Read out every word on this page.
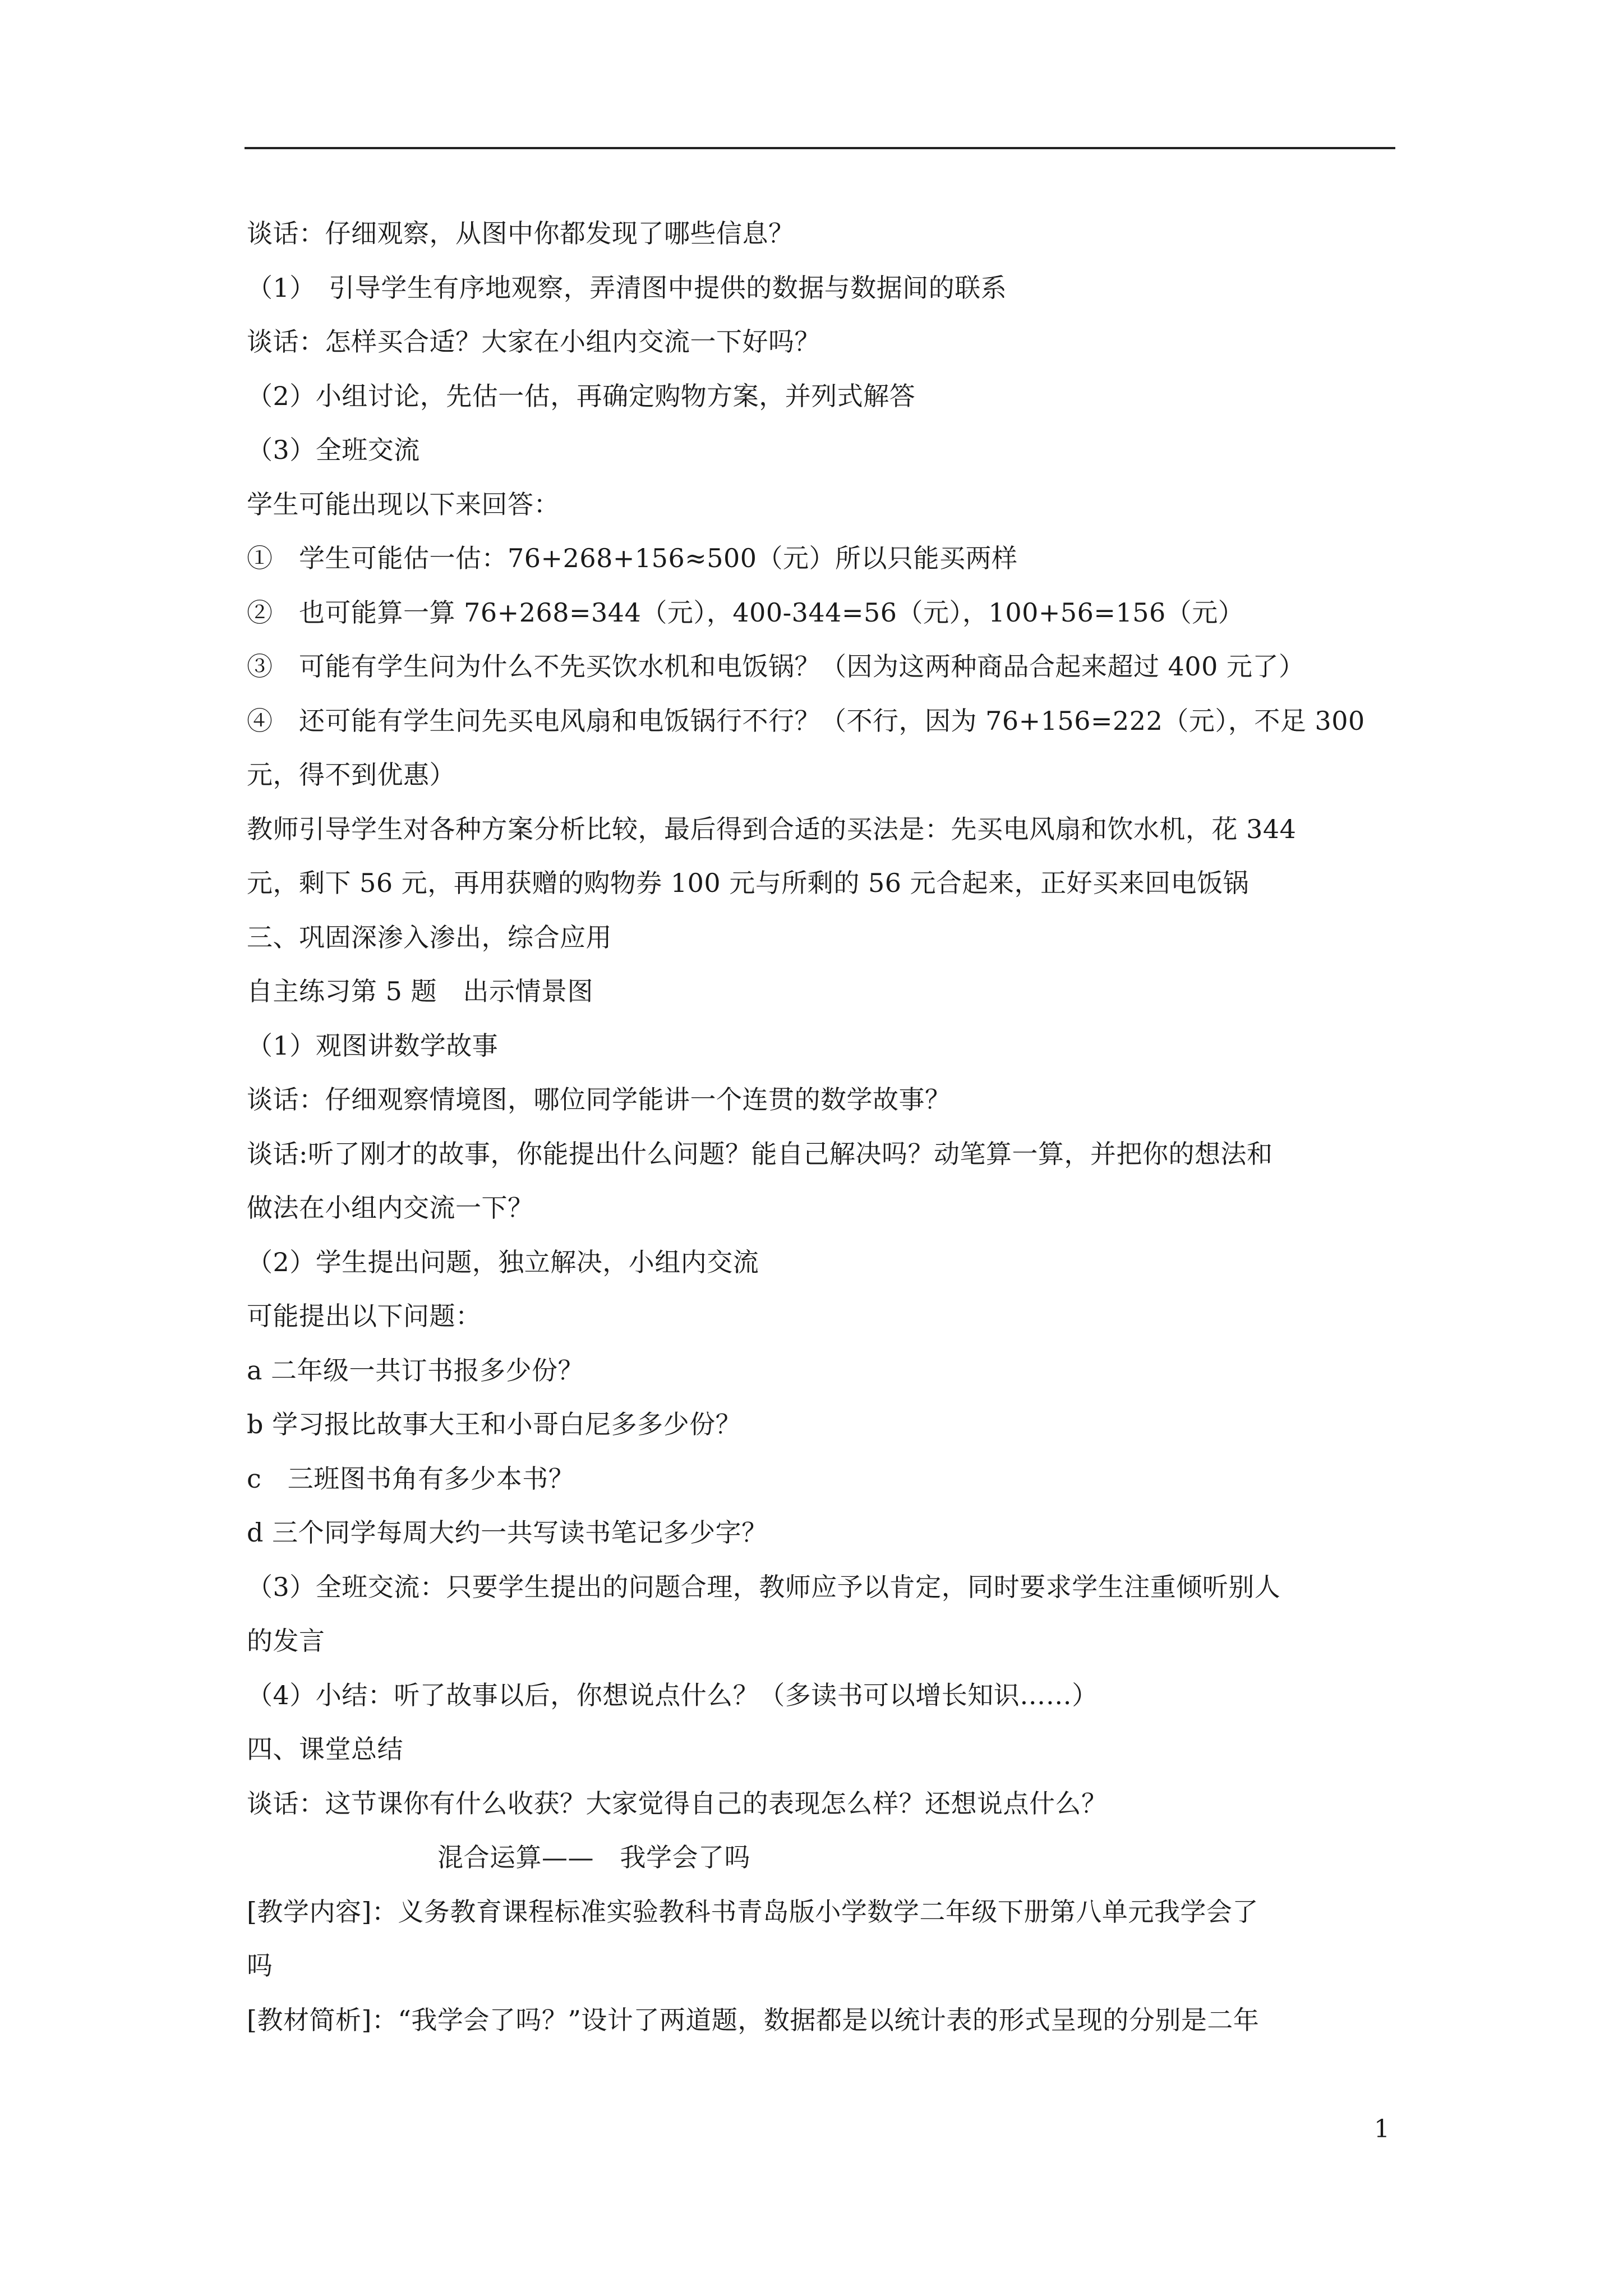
谈话：仔细观察，从图中你都发现了哪些信息？
（1）　引导学生有序地观察，弄清图中提供的数据与数据间的联系
谈话：怎样买合适？大家在小组内交流一下好吗？
（2）小组讨论，先估一估，再确定购物方案，并列式解答
（3）全班交流
学生可能出现以下来回答：
①　学生可能估一估：76+268+156≈500（元）所以只能买两样
②　也可能算一算 76+268=344（元），400-344=56（元），100+56=156（元）
③　可能有学生问为什么不先买饮水机和电饭锅？（因为这两种商品合起来超过 400 元了）
④　还可能有学生问先买电风扇和电饭锅行不行？（不行，因为 76+156=222（元），不足 300
元，得不到优惠）
教师引导学生对各种方案分析比较，最后得到合适的买法是：先买电风扇和饮水机，花 344
元，剩下 56 元，再用获赠的购物券 100 元与所剩的 56 元合起来，正好买来回电饭锅
三、巩固深渗入渗出，综合应用
自主练习第 5 题　出示情景图
（1）观图讲数学故事
谈话：仔细观察情境图，哪位同学能讲一个连贯的数学故事？
谈话:听了刚才的故事，你能提出什么问题？能自己解决吗？动笔算一算，并把你的想法和
做法在小组内交流一下？
（2）学生提出问题，独立解决，小组内交流
可能提出以下问题：
a 二年级一共订书报多少份？
b 学习报比故事大王和小哥白尼多多少份？
c　三班图书角有多少本书？
d 三个同学每周大约一共写读书笔记多少字？
（3）全班交流：只要学生提出的问题合理，教师应予以肯定，同时要求学生注重倾听别人
的发言
（4）小结：听了故事以后，你想说点什么？（多读书可以增长知识……）
四、课堂总结
谈话：这节课你有什么收获？大家觉得自己的表现怎么样？还想说点什么？
混合运算——　我学会了吗
[教学内容]：义务教育课程标准实验教科书青岛版小学数学二年级下册第八单元我学会了
吗
[教材简析]：“我学会了吗？”设计了两道题，数据都是以统计表的形式呈现的分别是二年
1
